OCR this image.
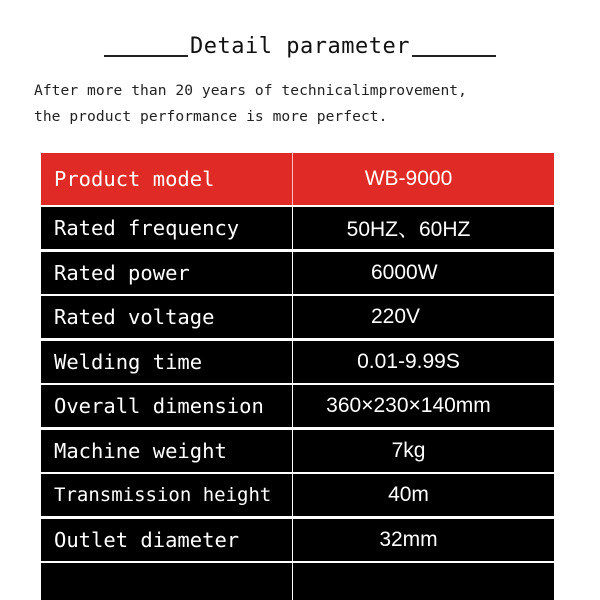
Detail parameter
After more than 20 years of technicalimprovement,
the product performance is more perfect.
Product model	WB-9000
Rated frequency	50HZ、60HZ
Rated power	6000W
Rated voltage	220V
Welding time	0.01-9.99S
Overall dimension	360×230×140mm
Machine weight	7kg
Transmission height	40m
Outlet diameter	32mm
